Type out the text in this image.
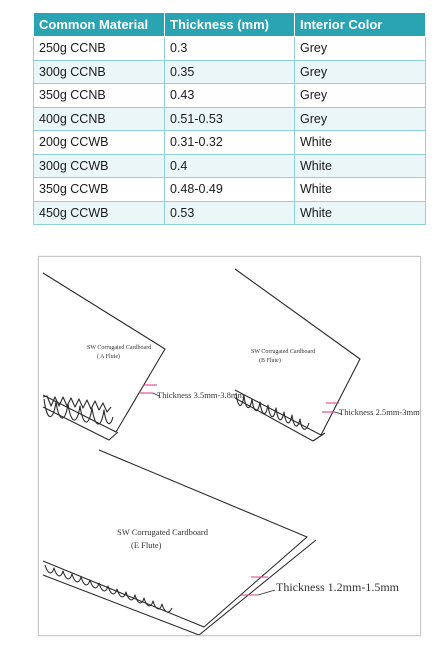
Common Material	Thickness (mm)	Interior Color
250g CCNB	0.3	Grey
300g CCNB	0.35	Grey
350g CCNB	0.43	Grey
400g CCNB	0.51-0.53	Grey
200g CCWB	0.31-0.32	White
300g CCWB	0.4	White
350g CCWB	0.48-0.49	White
450g CCWB	0.53	White
SW Corrugated Cardboard
( A Flute)
Thickness 3.5mm-3.8mm
SW Corrugated Cardboard
(B Flute)
Thickness 2.5mm-3mm
SW Corrugated Cardboard
(E Flute)
Thickness 1.2mm-1.5mm
